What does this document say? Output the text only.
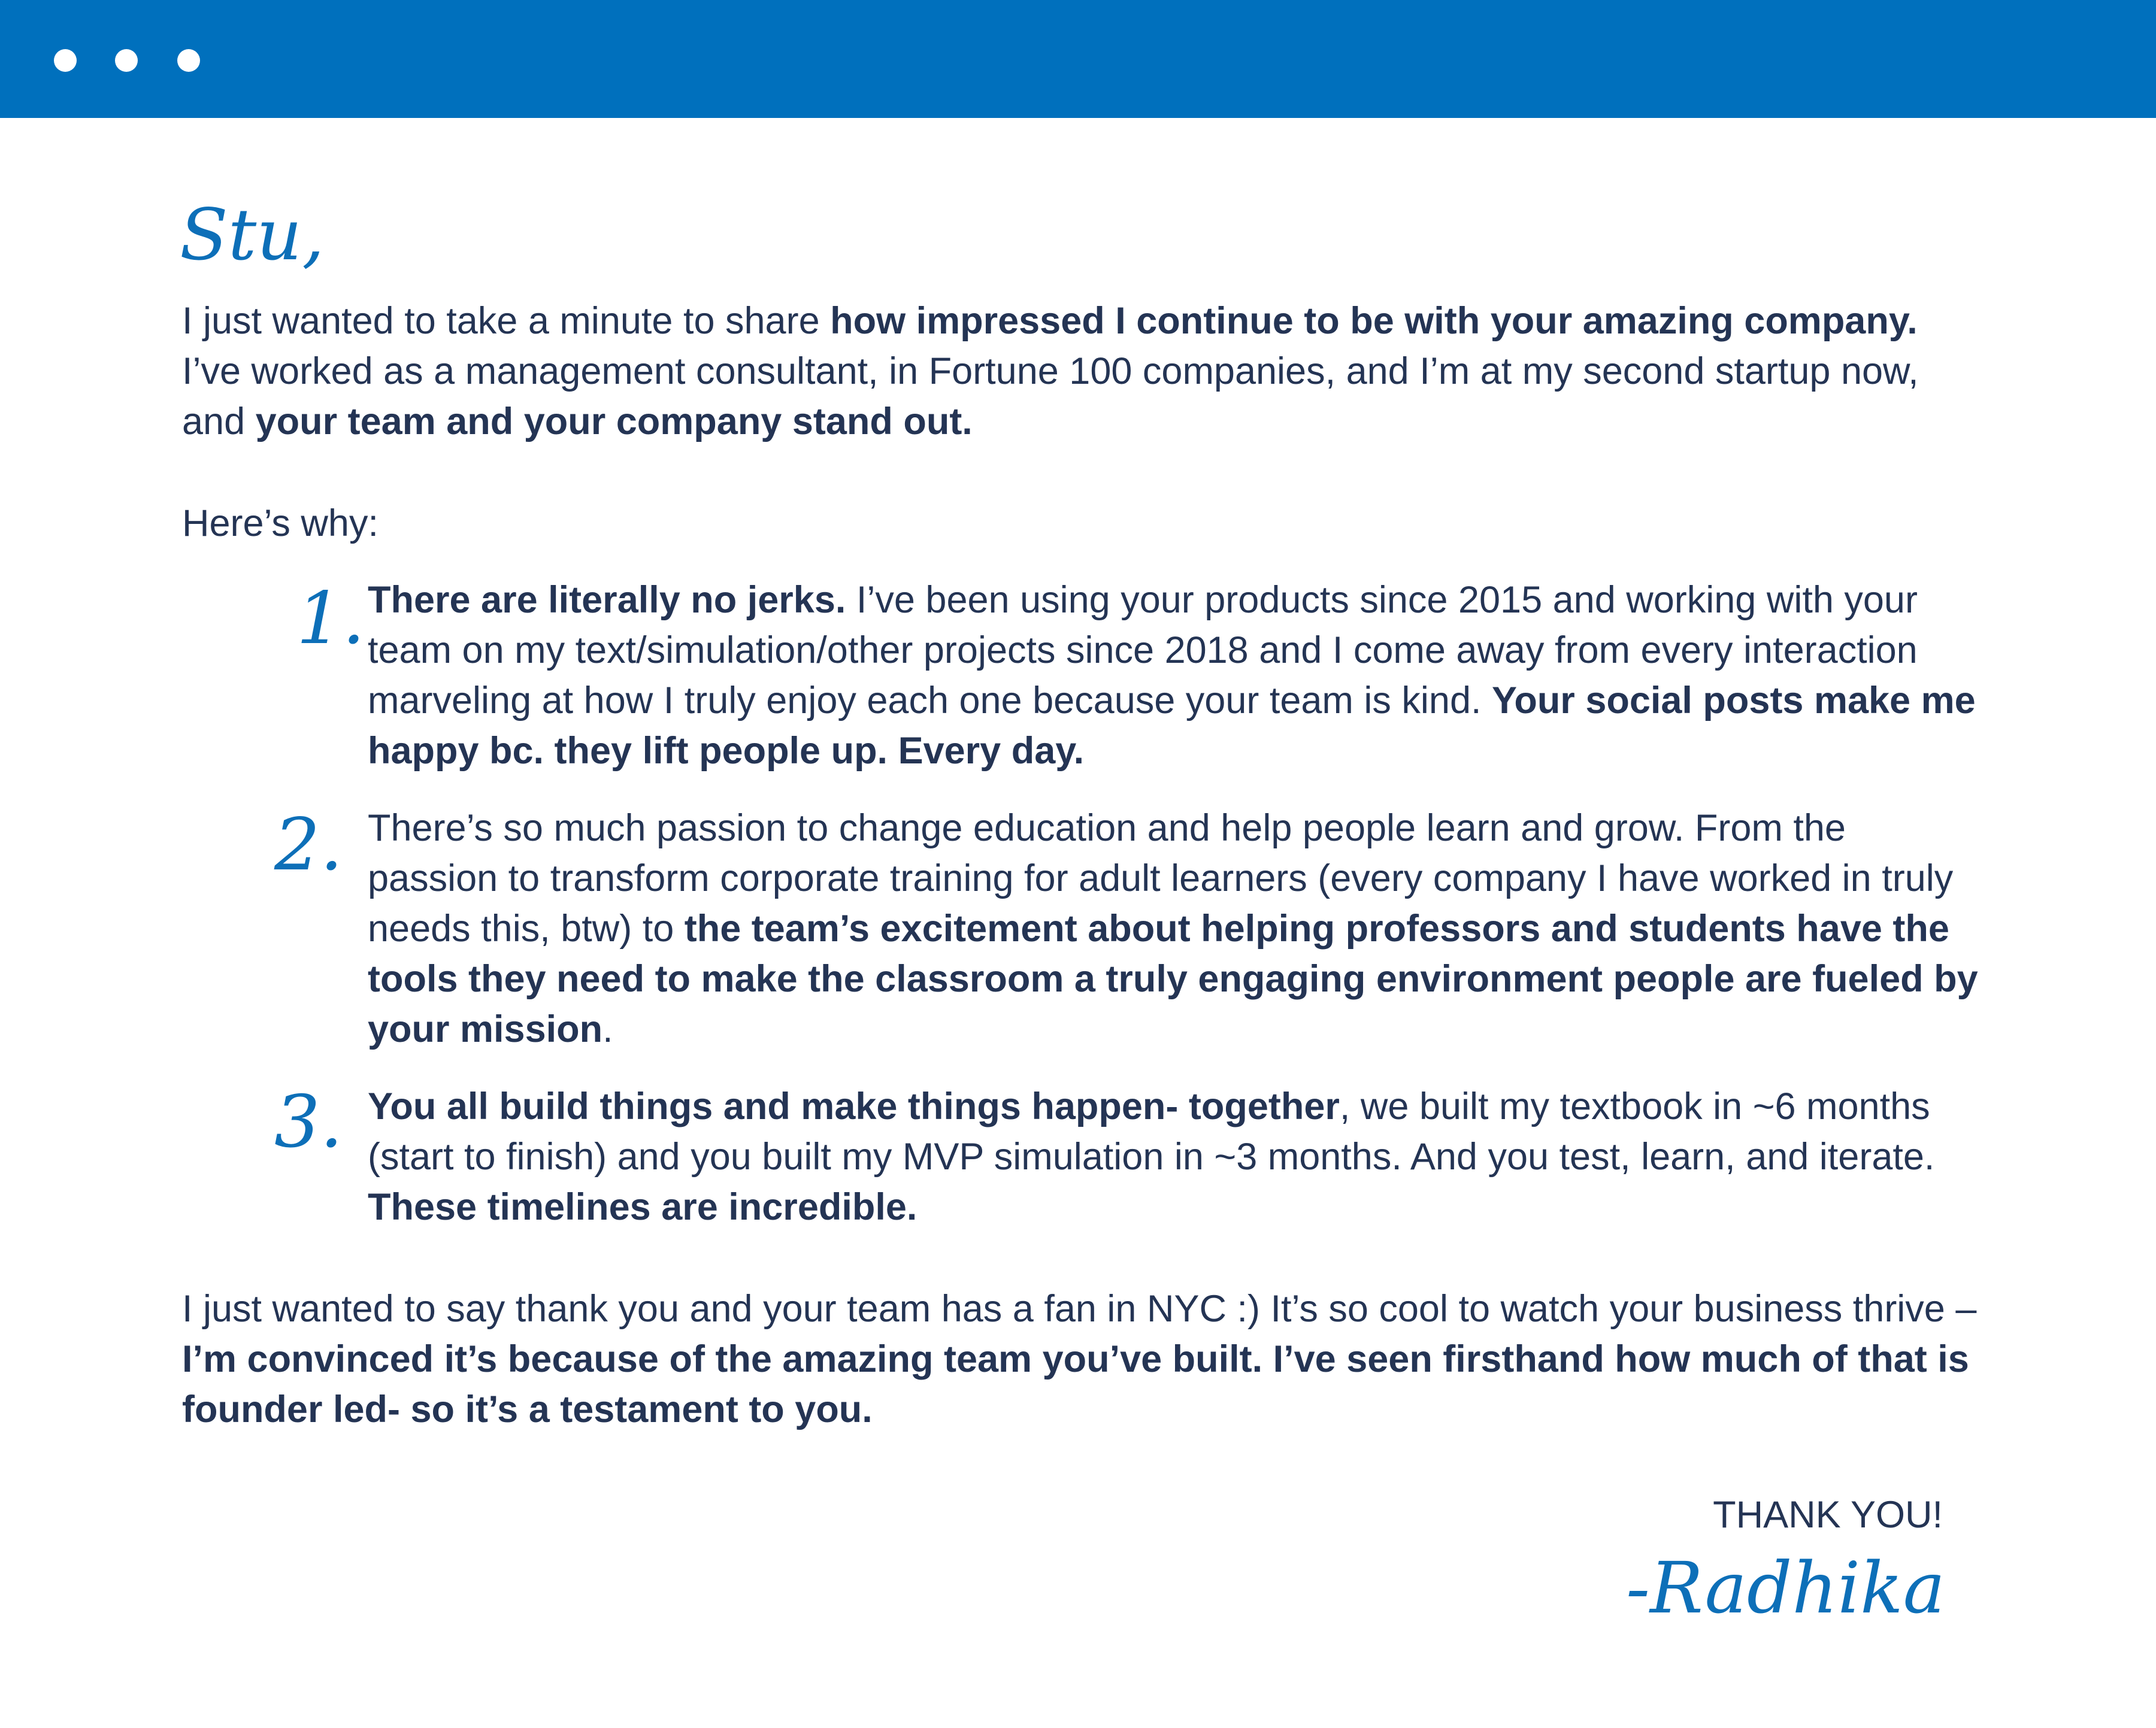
Stu,

I just wanted to take a minute to share how impressed I continue to be with your amazing company. I’ve worked as a management consultant, in Fortune 100 companies, and I’m at my second startup now, and your team and your company stand out.

Here’s why:

1. There are literally no jerks. I’ve been using your products since 2015 and working with your team on my text/simulation/other projects since 2018 and I come away from every interaction marveling at how I truly enjoy each one because your team is kind. Your social posts make me happy bc. they lift people up. Every day.

2. There’s so much passion to change education and help people learn and grow. From the passion to transform corporate training for adult learners (every company I have worked in truly needs this, btw) to the team’s excitement about helping professors and students have the tools they need to make the classroom a truly engaging environment people are fueled by your mission.

3. You all build things and make things happen- together, we built my textbook in ~6 months (start to finish) and you built my MVP simulation in ~3 months. And you test, learn, and iterate. These timelines are incredible.

I just wanted to say thank you and your team has a fan in NYC :) It’s so cool to watch your business thrive – I’m convinced it’s because of the amazing team you’ve built. I’ve seen firsthand how much of that is founder led- so it’s a testament to you.

THANK YOU!
-Radhika
